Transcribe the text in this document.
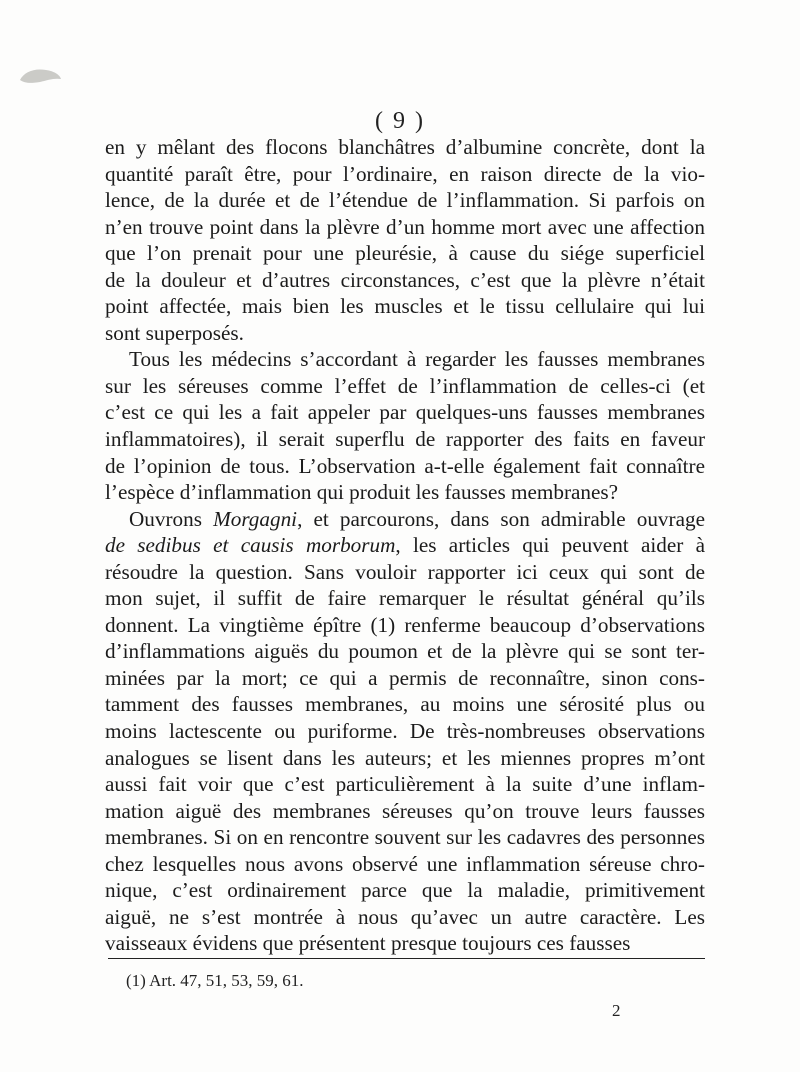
( 9 )
en y mêlant des flocons blanchâtres d’albumine concrète, dont la
quantité paraît être, pour l’ordinaire, en raison directe de la vio-
lence, de la durée et de l’étendue de l’inflammation. Si parfois on
n’en trouve point dans la plèvre d’un homme mort avec une affection
que l’on prenait pour une pleurésie, à cause du siége superficiel
de la douleur et d’autres circonstances, c’est que la plèvre n’était
point affectée, mais bien les muscles et le tissu cellulaire qui lui
sont superposés.
Tous les médecins s’accordant à regarder les fausses membranes
sur les séreuses comme l’effet de l’inflammation de celles-ci (et
c’est ce qui les a fait appeler par quelques-uns fausses membranes
inflammatoires), il serait superflu de rapporter des faits en faveur
de l’opinion de tous. L’observation a-t-elle également fait connaître
l’espèce d’inflammation qui produit les fausses membranes?
Ouvrons Morgagni, et parcourons, dans son admirable ouvrage
de sedibus et causis morborum, les articles qui peuvent aider à
résoudre la question. Sans vouloir rapporter ici ceux qui sont de
mon sujet, il suffit de faire remarquer le résultat général qu’ils
donnent. La vingtième épître (1) renferme beaucoup d’observations
d’inflammations aiguës du poumon et de la plèvre qui se sont ter-
minées par la mort; ce qui a permis de reconnaître, sinon cons-
tamment des fausses membranes, au moins une sérosité plus ou
moins lactescente ou puriforme. De très-nombreuses observations
analogues se lisent dans les auteurs; et les miennes propres m’ont
aussi fait voir que c’est particulièrement à la suite d’une inflam-
mation aiguë des membranes séreuses qu’on trouve leurs fausses
membranes. Si on en rencontre souvent sur les cadavres des personnes
chez lesquelles nous avons observé une inflammation séreuse chro-
nique, c’est ordinairement parce que la maladie, primitivement
aiguë, ne s’est montrée à nous qu’avec un autre caractère. Les
vaisseaux évidens que présentent presque toujours ces fausses
(1) Art. 47, 51, 53, 59, 61.
2
